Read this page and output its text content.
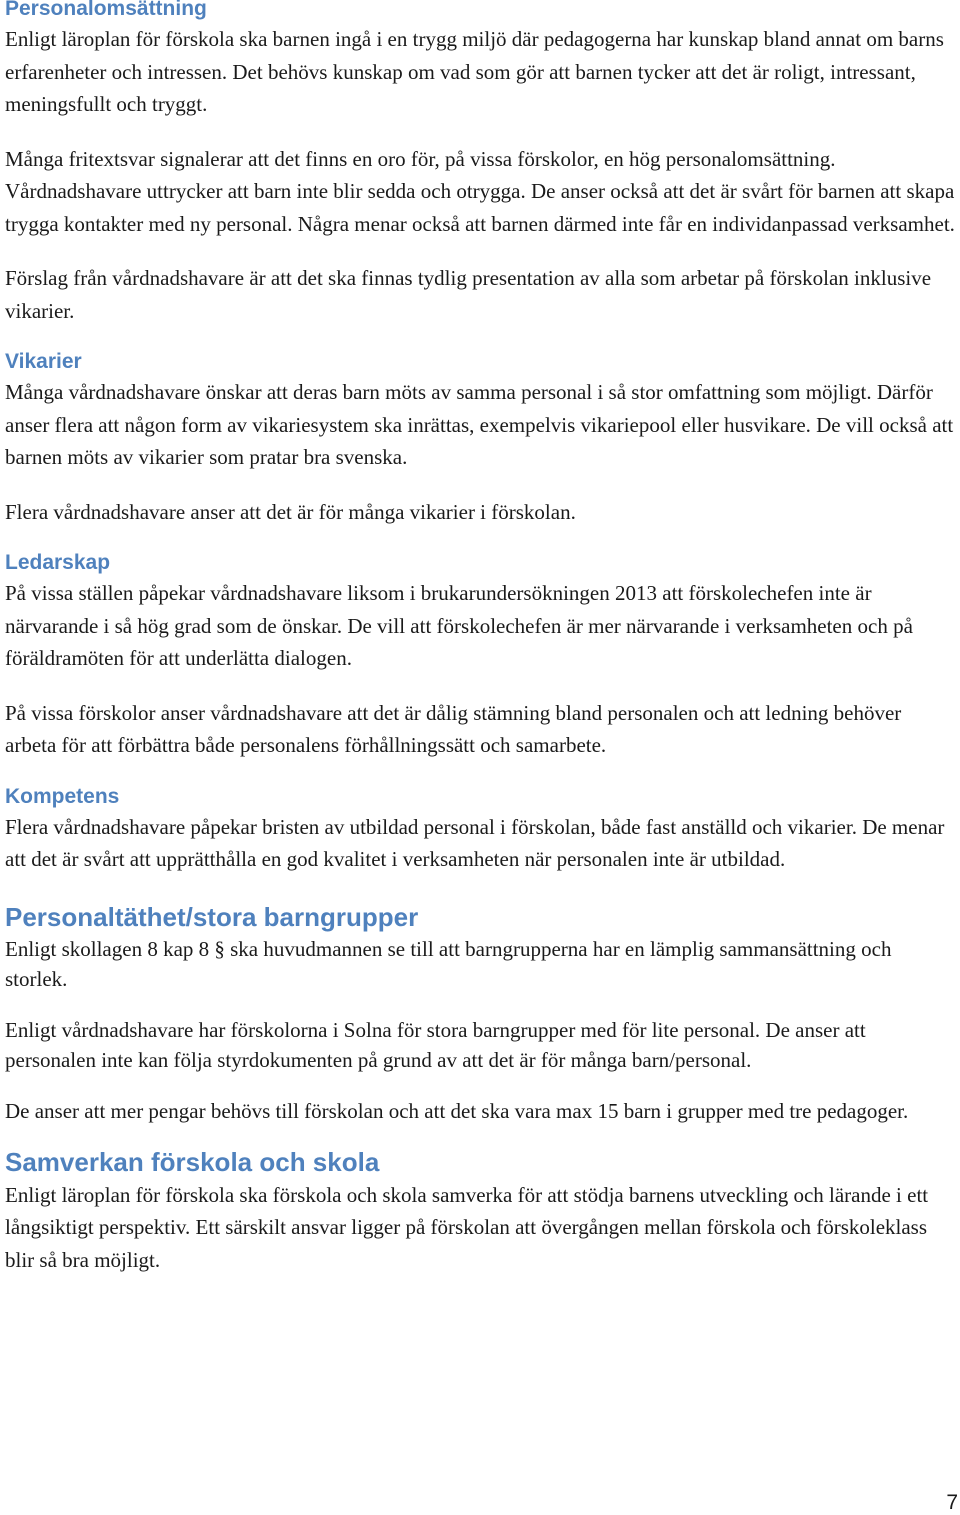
Personalomsättning

Enligt läroplan för förskola ska barnen ingå i en trygg miljö där pedagogerna har kunskap bland annat om barns erfarenheter och intressen. Det behövs kunskap om vad som gör att barnen tycker att det är roligt, intressant, meningsfullt och tryggt.

Många fritextsvar signalerar att det finns en oro för, på vissa förskolor, en hög personalomsättning. Vårdnadshavare uttrycker att barn inte blir sedda och otrygga. De anser också att det är svårt för barnen att skapa trygga kontakter med ny personal. Några menar också att barnen därmed inte får en individanpassad verksamhet.

Förslag från vårdnadshavare är att det ska finnas tydlig presentation av alla som arbetar på förskolan inklusive vikarier.

Vikarier

Många vårdnadshavare önskar att deras barn möts av samma personal i så stor omfattning som möjligt. Därför anser flera att någon form av vikariesystem ska inrättas, exempelvis vikariepool eller husvikare. De vill också att barnen möts av vikarier som pratar bra svenska.

Flera vårdnadshavare anser att det är för många vikarier i förskolan.

Ledarskap

På vissa ställen påpekar vårdnadshavare liksom i brukarundersökningen 2013 att förskolechefen inte är närvarande i så hög grad som de önskar. De vill att förskolechefen är mer närvarande i verksamheten och på föräldramöten för att underlätta dialogen.

På vissa förskolor anser vårdnadshavare att det är dålig stämning bland personalen och att ledning behöver arbeta för att förbättra både personalens förhållningssätt och samarbete.

Kompetens

Flera vårdnadshavare påpekar bristen av utbildad personal i förskolan, både fast anställd och vikarier. De menar att det är svårt att upprätthålla en god kvalitet i verksamheten när personalen inte är utbildad.

Personaltäthet/stora barngrupper

Enligt skollagen 8 kap 8 § ska huvudmannen se till att barngrupperna har en lämplig sammansättning och storlek.

Enligt vårdnadshavare har förskolorna i Solna för stora barngrupper med för lite personal. De anser att personalen inte kan följa styrdokumenten på grund av att det är för många barn/personal.

De anser att mer pengar behövs till förskolan och att det ska vara max 15 barn i grupper med tre pedagoger.

Samverkan förskola och skola

Enligt läroplan för förskola ska förskola och skola samverka för att stödja barnens utveckling och lärande i ett långsiktigt perspektiv. Ett särskilt ansvar ligger på förskolan att övergången mellan förskola och förskoleklass blir så bra möjligt.

7
